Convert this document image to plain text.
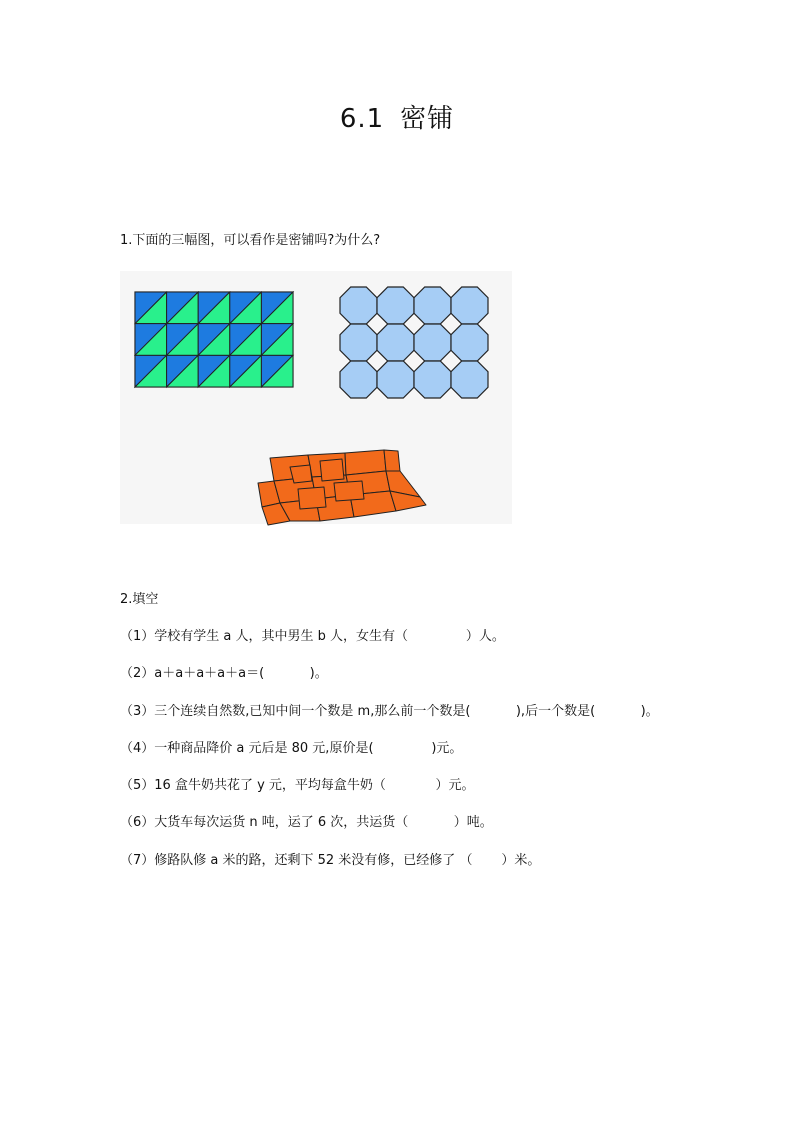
6.1 密铺
1.下面的三幅图，可以看作是密铺吗?为什么?
2.填空
（1）学校有学生 a 人，其中男生 b 人，女生有（              ）人。
（2）a＋a＋a＋a＋a＝(           )。
（3）三个连续自然数,已知中间一个数是 m,那么前一个数是(           ),后一个数是(           )。
（4）一种商品降价 a 元后是 80 元,原价是(              )元。
（5）16 盒牛奶共花了 y 元，平均每盒牛奶（            ）元。
（6）大货车每次运货 n 吨，运了 6 次，共运货（           ）吨。
（7）修路队修 a 米的路，还剩下 52 米没有修，已经修了 （       ）米。
